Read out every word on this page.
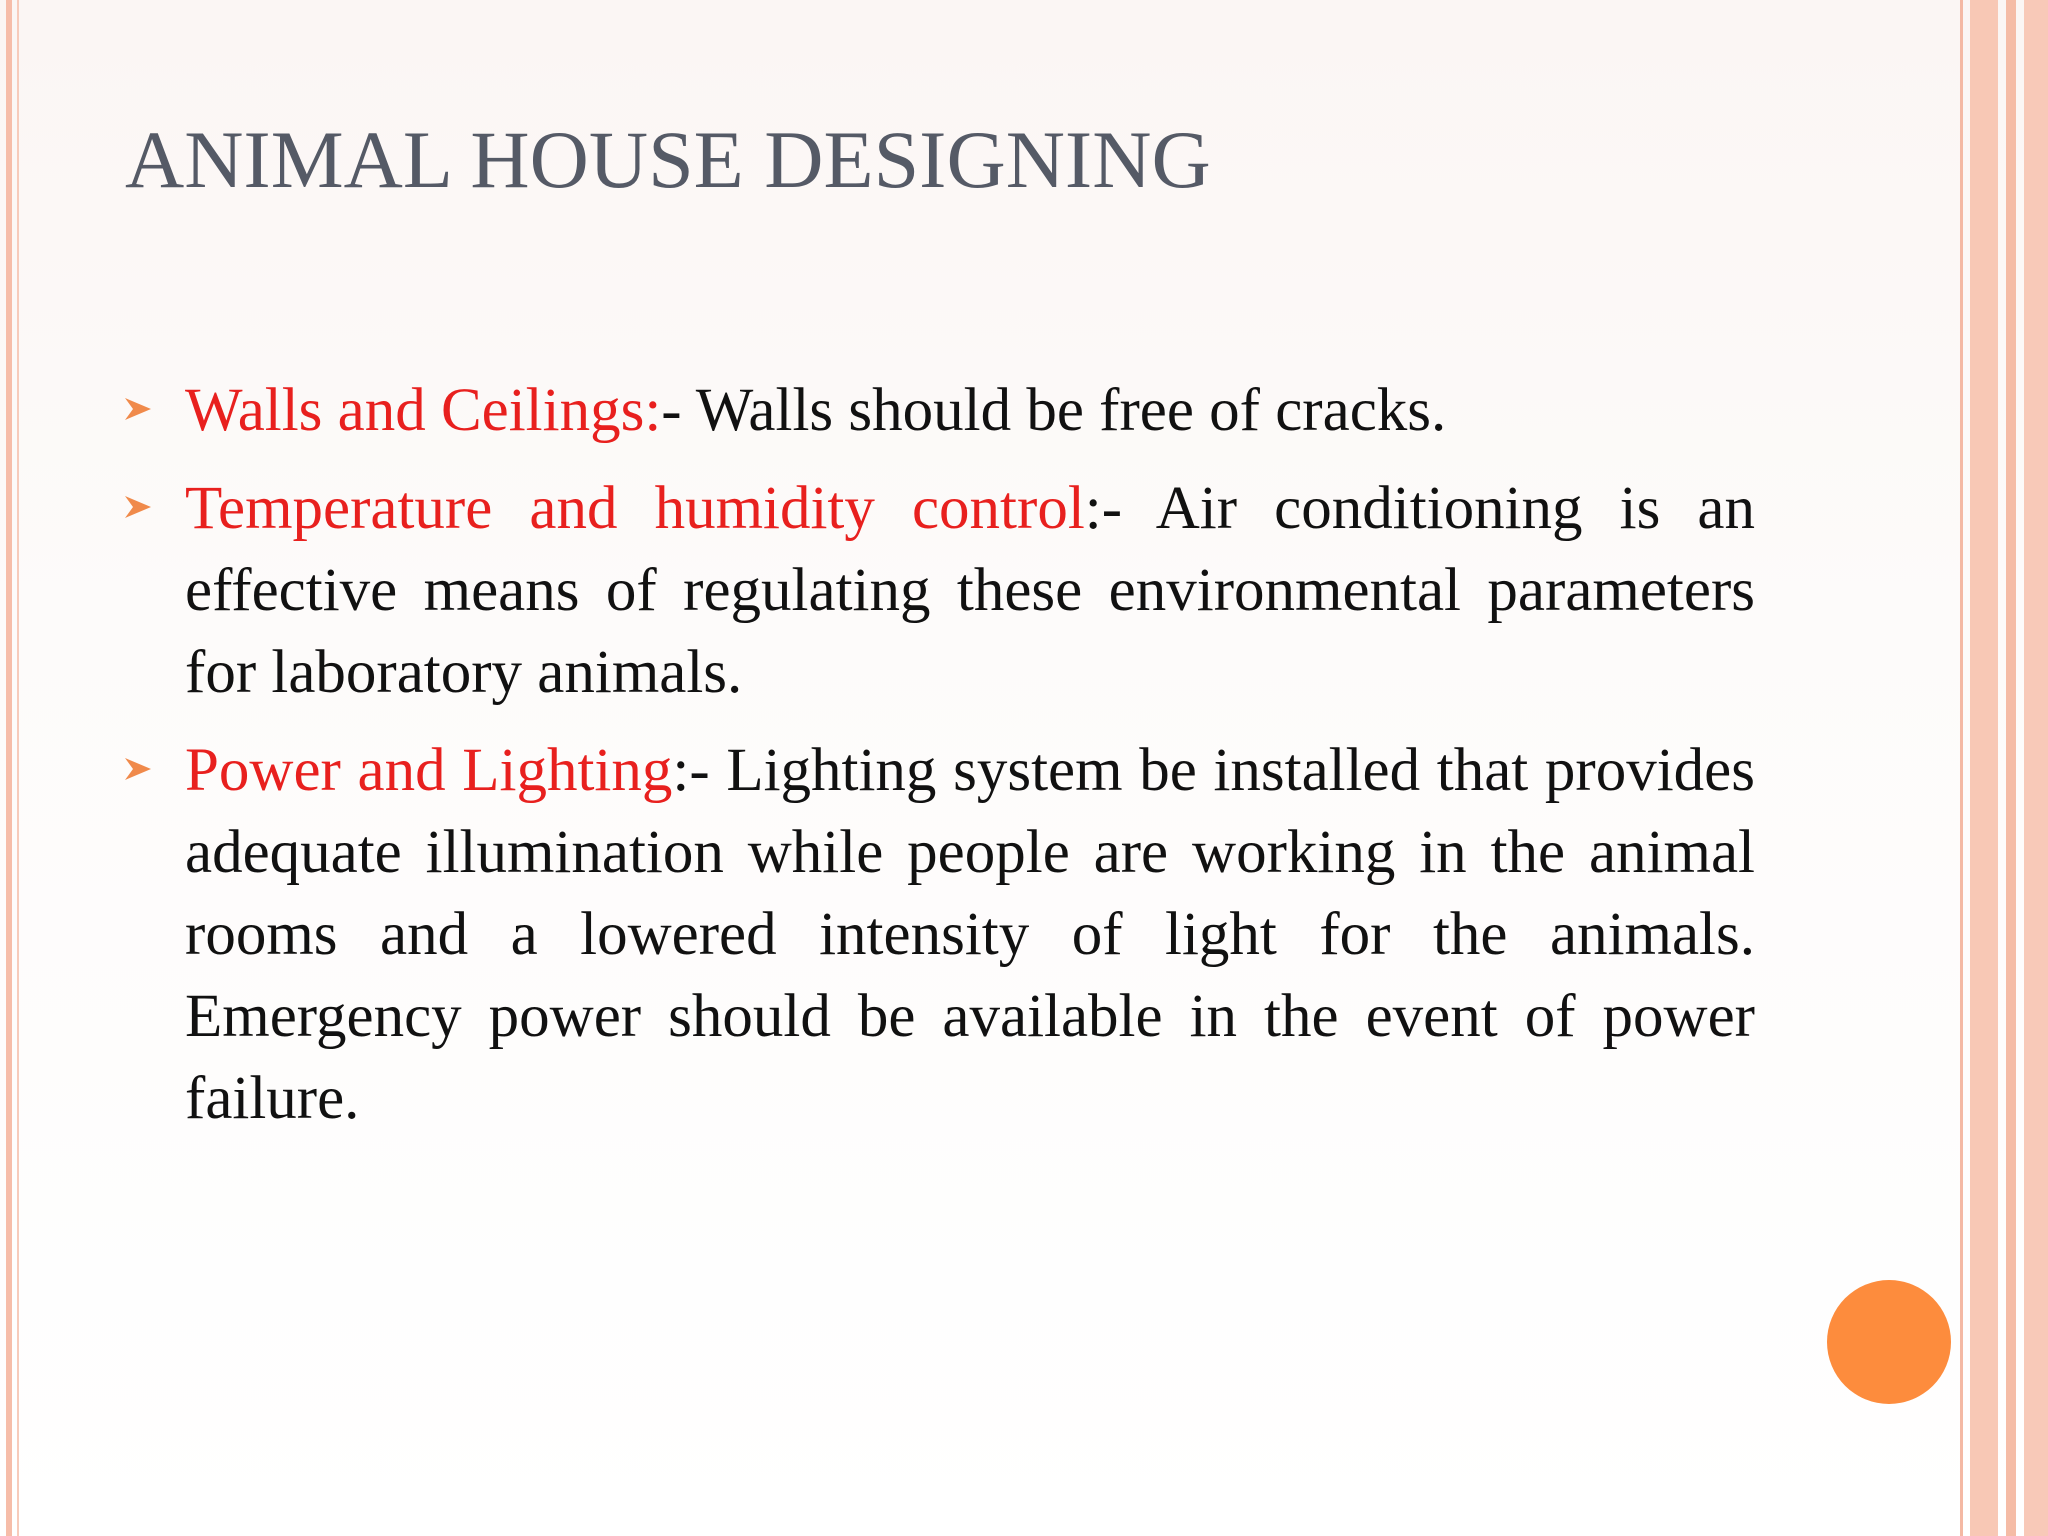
ANIMAL HOUSE DESIGNING
Walls and Ceilings:- Walls should be free of cracks.
Temperature and humidity control:- Air conditioning is an effective means of regulating these environmental parameters for laboratory animals.
Power and Lighting:- Lighting system be installed that provides adequate illumination while people are working in the animal rooms and a lowered intensity of light for the animals. Emergency power should be available in the event of power failure.
